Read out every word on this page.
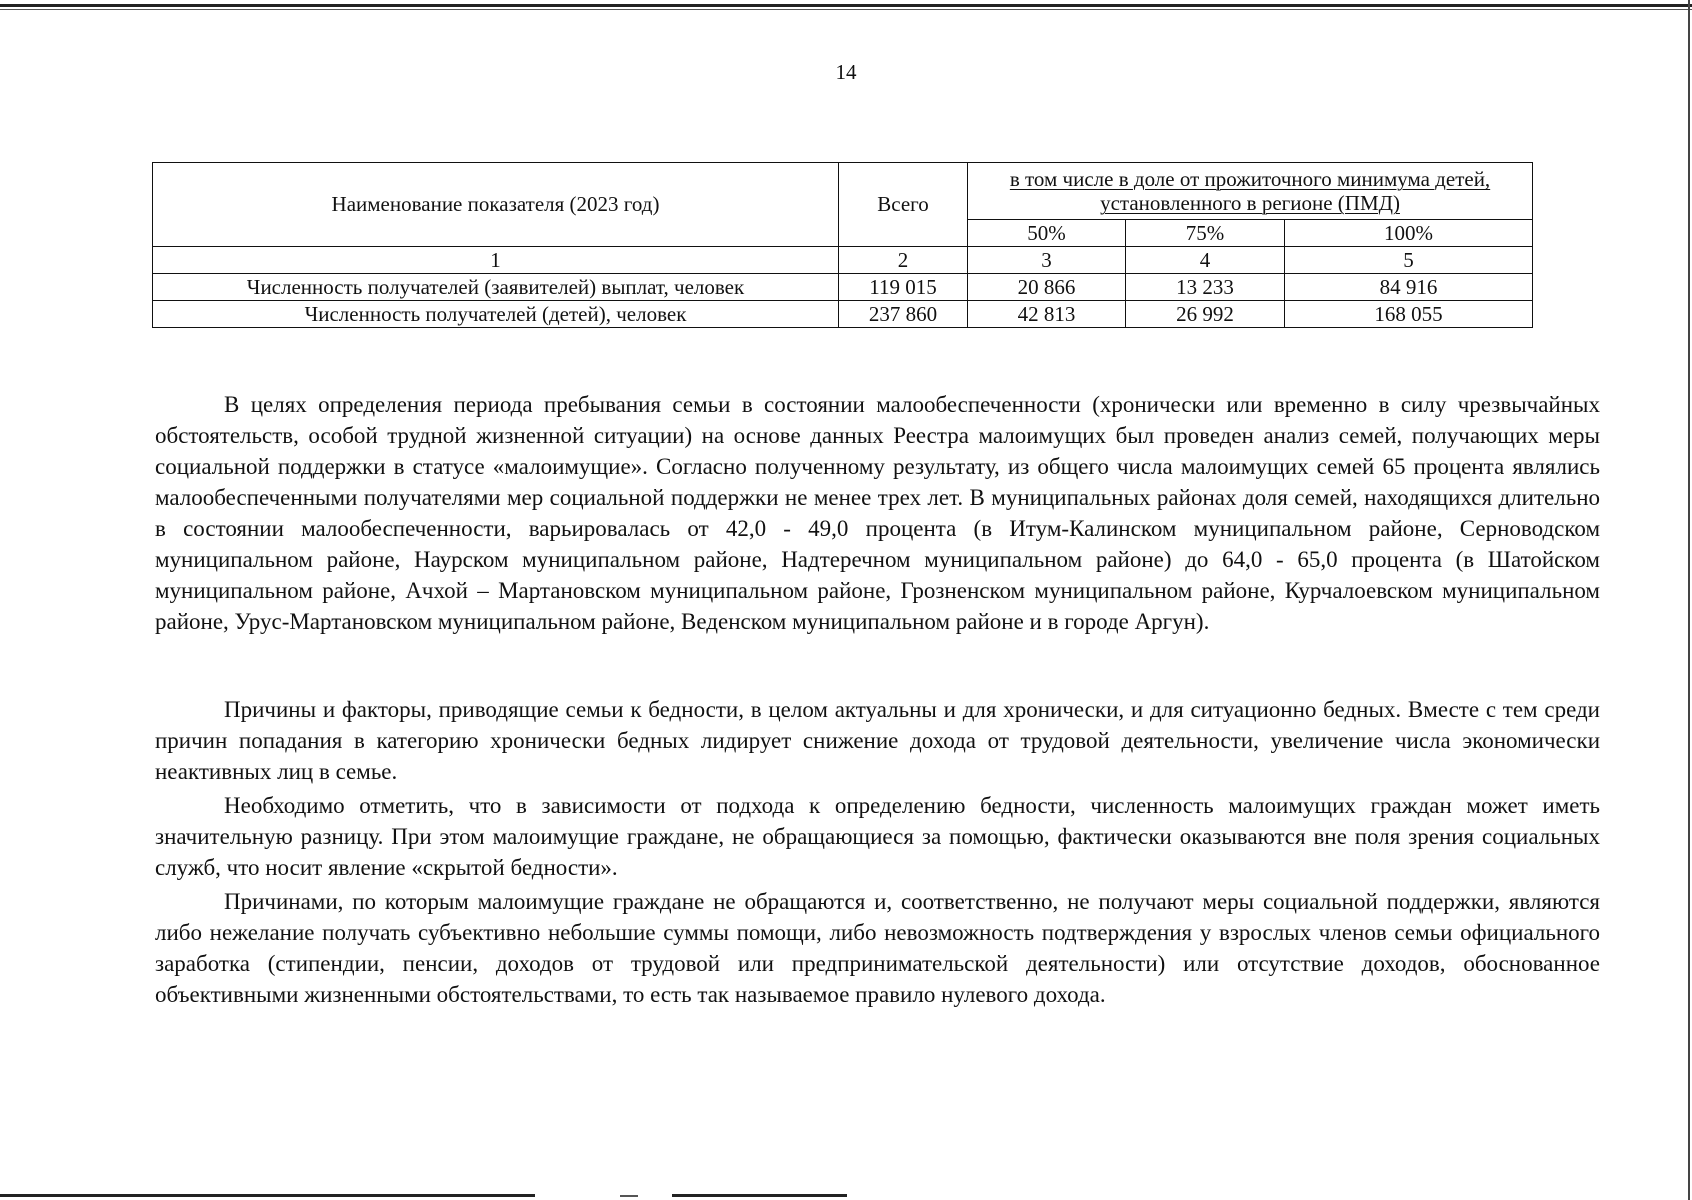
14
Наименование показателя (2023 год)	Всего	в том числе в доле от прожиточного минимума детей, установленного в регионе (ПМД)		
		50%	75%	100%
1	2	3	4	5
Численность получателей (заявителей) выплат, человек	119 015	20 866	13 233	84 916
Численность получателей (детей), человек	237 860	42 813	26 992	168 055

В целях определения периода пребывания семьи в состоянии малообеспеченности (хронически или временно в силу чрезвычайных обстоятельств, особой трудной жизненной ситуации) на основе данных Реестра малоимущих был проведен анализ семей, получающих меры социальной поддержки в статусе «малоимущие». Согласно полученному результату, из общего числа малоимущих семей 65 процента являлись малообеспеченными получателями мер социальной поддержки не менее трех лет. В муниципальных районах доля семей, находящихся длительно в состоянии малообеспеченности, варьировалась от 42,0 - 49,0 процента (в Итум-Калинском муниципальном районе, Серноводском муниципальном районе, Наурском муниципальном районе, Надтеречном муниципальном районе) до 64,0 - 65,0 процента (в Шатойском муниципальном районе, Ачхой – Мартановском муниципальном районе, Грозненском муниципальном районе, Курчалоевском муниципальном районе, Урус-Мартановском муниципальном районе, Веденском муниципальном районе и в городе Аргун).

Причины и факторы, приводящие семьи к бедности, в целом актуальны и для хронически, и для ситуационно бедных. Вместе с тем среди причин попадания в категорию хронически бедных лидирует снижение дохода от трудовой деятельности, увеличение числа экономически неактивных лиц в семье.

Необходимо отметить, что в зависимости от подхода к определению бедности, численность малоимущих граждан может иметь значительную разницу. При этом малоимущие граждане, не обращающиеся за помощью, фактически оказываются вне поля зрения социальных служб, что носит явление «скрытой бедности».

Причинами, по которым малоимущие граждане не обращаются и, соответственно, не получают меры социальной поддержки, являются либо нежелание получать субъективно небольшие суммы помощи, либо невозможность подтверждения у взрослых членов семьи официального заработка (стипендии, пенсии, доходов от трудовой или предпринимательской деятельности) или отсутствие доходов, обоснованное объективными жизненными обстоятельствами, то есть так называемое правило нулевого дохода.
